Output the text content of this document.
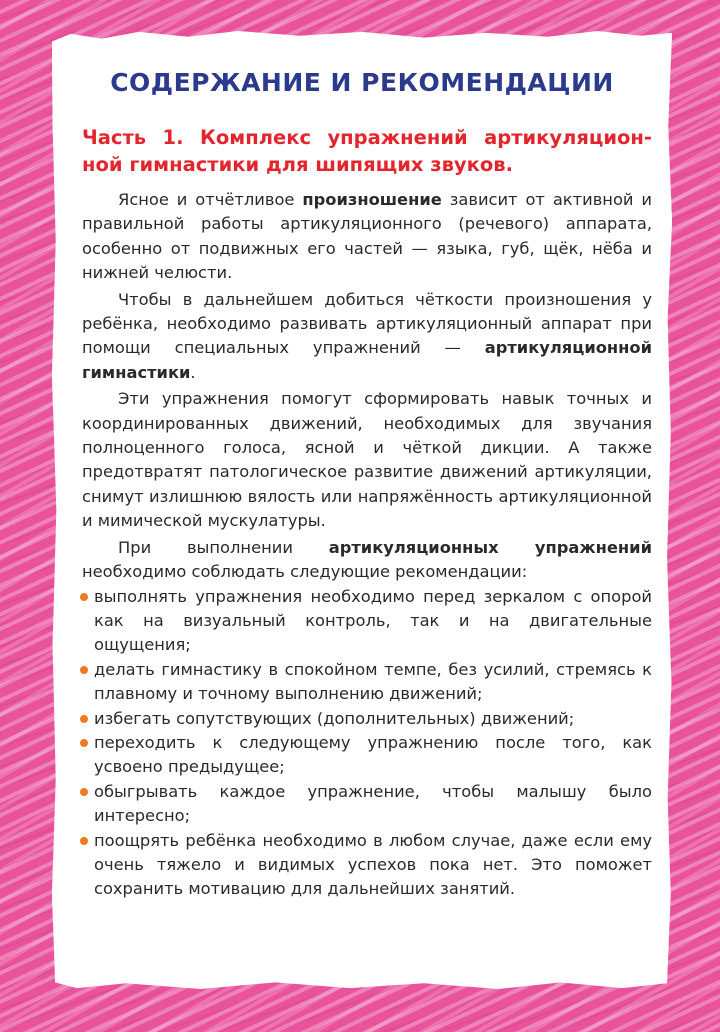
СОДЕРЖАНИЕ И РЕКОМЕНДАЦИИ
Часть 1. Комплекс упражнений артикуляцион-ной гимнастики для шипящих звуков.

Ясное и отчётливое произношение зависит от активной и правильной работы артикуляционного (речевого) аппарата, особенно от подвижных его частей — языка, губ, щёк, нёба и нижней челюсти.

Чтобы в дальнейшем добиться чёткости произношения у ребёнка, необходимо развивать артикуляционный аппарат при помощи специальных упражнений — артикуляционной гимнастики.

Эти упражнения помогут сформировать навык точных и координированных движений, необходимых для звучания полноценного голоса, ясной и чёткой дикции. А также предотвратят патологическое развитие движений артикуляции, снимут излишнюю вялость или напряжённость артикуляционной и мимической мускулатуры.

При выполнении артикуляционных упражнений необходимо соблюдать следующие рекомендации:

выполнять упражнения необходимо перед зеркалом с опорой как на визуальный контроль, так и на двигательные ощущения;
делать гимнастику в спокойном темпе, без усилий, стремясь к плавному и точному выполнению движений;
избегать сопутствующих (дополнительных) движений;
переходить к следующему упражнению после того, как усвоено предыдущее;
обыгрывать каждое упражнение, чтобы малышу было интересно;
поощрять ребёнка необходимо в любом случае, даже если ему очень тяжело и видимых успехов пока нет. Это поможет сохранить мотивацию для дальнейших занятий.
